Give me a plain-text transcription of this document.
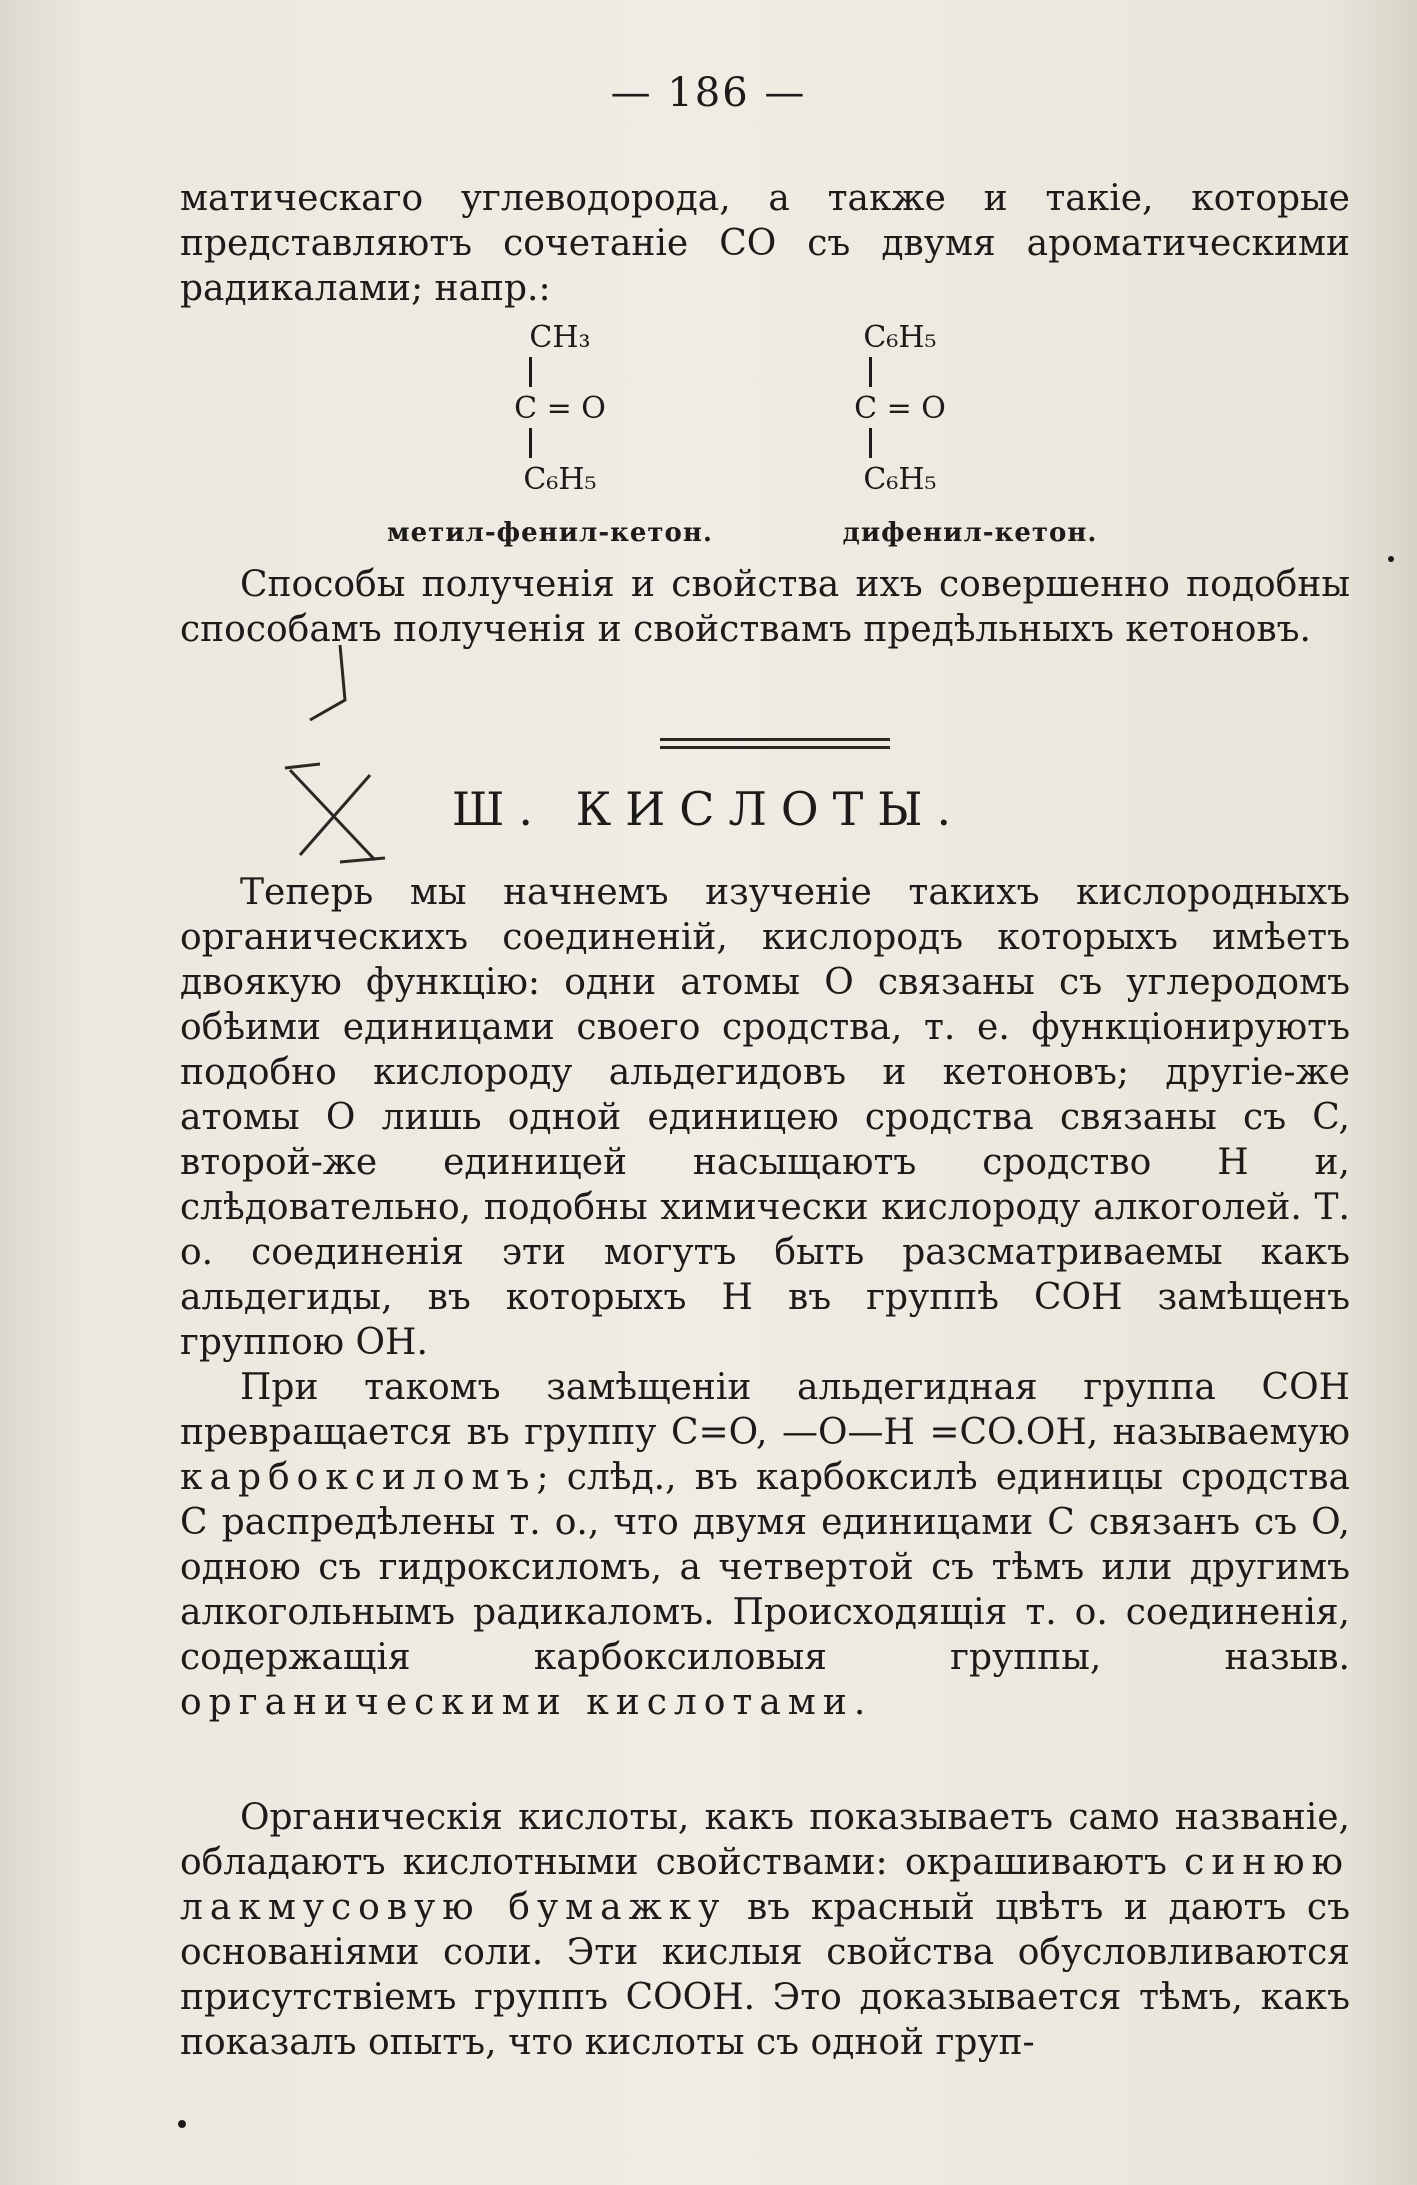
— 186 —
матическаго углеводорода, а также и такіе, которые представляютъ сочетаніе CO съ двумя ароматическими радикалами; напр.:
CH₃
C = O
C₆H₅
C₆H₅
C = O
C₆H₅
метил-фенил-кетон.	дифенил-кетон.
Способы полученія и свойства ихъ совершенно подобны способамъ полученія и свойствамъ предѣльныхъ кетоновъ.
Ш. КИСЛОТЫ.
Теперь мы начнемъ изученіе такихъ кислородныхъ органическихъ соединеній, кислородъ которыхъ имѣетъ двоякую функцію: одни атомы O связаны съ углеродомъ обѣими единицами своего сродства, т. е. функціонируютъ подобно кислороду альдегидовъ и кетоновъ; другіе-же атомы O лишь одной единицею сродства связаны съ C, второй-же единицей насыщаютъ сродство H и, слѣдовательно, подобны химически кислороду алкоголей. Т. о. соединенія эти могутъ быть разсматриваемы какъ альдегиды, въ которыхъ H въ группѣ COH замѣщенъ группою OH.
При такомъ замѣщеніи альдегидная группа COH превращается въ группу C=O, —O—H =CO.OH, называемую карбоксиломъ; слѣд., въ карбоксилѣ единицы сродства C распредѣлены т. о., что двумя единицами C связанъ съ O, одною съ гидроксиломъ, а четвертой съ тѣмъ или другимъ алкогольнымъ радикаломъ. Происходящія т. о. соединенія, содержащія карбоксиловыя группы, назыв. органическими кислотами.
Органическія кислоты, какъ показываетъ само названіе, обладаютъ кислотными свойствами: окрашиваютъ синюю лакмусовую бумажку въ красный цвѣтъ и даютъ съ основаніями соли. Эти кислыя свойства обусловливаются присутствіемъ группъ COOH. Это доказывается тѣмъ, какъ показалъ опытъ, что кислоты съ одной груп-
